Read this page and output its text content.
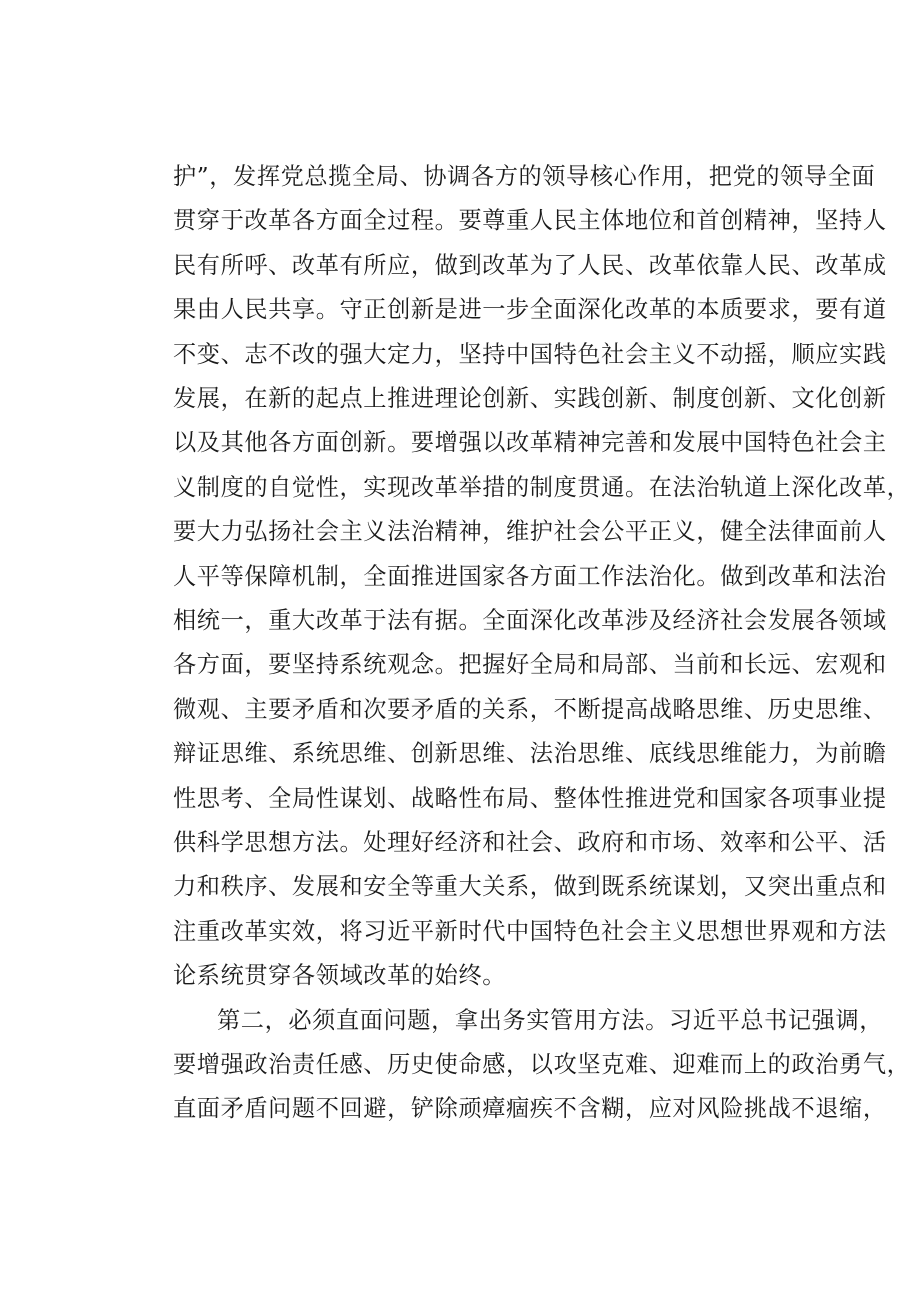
护”，发挥党总揽全局、协调各方的领导核心作用，把党的领导全面
贯穿于改革各方面全过程。要尊重人民主体地位和首创精神，坚持人
民有所呼、改革有所应，做到改革为了人民、改革依靠人民、改革成
果由人民共享。守正创新是进一步全面深化改革的本质要求，要有道
不变、志不改的强大定力，坚持中国特色社会主义不动摇，顺应实践
发展，在新的起点上推进理论创新、实践创新、制度创新、文化创新
以及其他各方面创新。要增强以改革精神完善和发展中国特色社会主
义制度的自觉性，实现改革举措的制度贯通。在法治轨道上深化改革，
要大力弘扬社会主义法治精神，维护社会公平正义，健全法律面前人
人平等保障机制，全面推进国家各方面工作法治化。做到改革和法治
相统一，重大改革于法有据。全面深化改革涉及经济社会发展各领域
各方面，要坚持系统观念。把握好全局和局部、当前和长远、宏观和
微观、主要矛盾和次要矛盾的关系，不断提高战略思维、历史思维、
辩证思维、系统思维、创新思维、法治思维、底线思维能力，为前瞻
性思考、全局性谋划、战略性布局、整体性推进党和国家各项事业提
供科学思想方法。处理好经济和社会、政府和市场、效率和公平、活
力和秩序、发展和安全等重大关系，做到既系统谋划，又突出重点和
注重改革实效，将习近平新时代中国特色社会主义思想世界观和方法
论系统贯穿各领域改革的始终。
第二，必须直面问题，拿出务实管用方法。习近平总书记强调，
要增强政治责任感、历史使命感，以攻坚克难、迎难而上的政治勇气，
直面矛盾问题不回避，铲除顽瘴痼疾不含糊，应对风险挑战不退缩，
